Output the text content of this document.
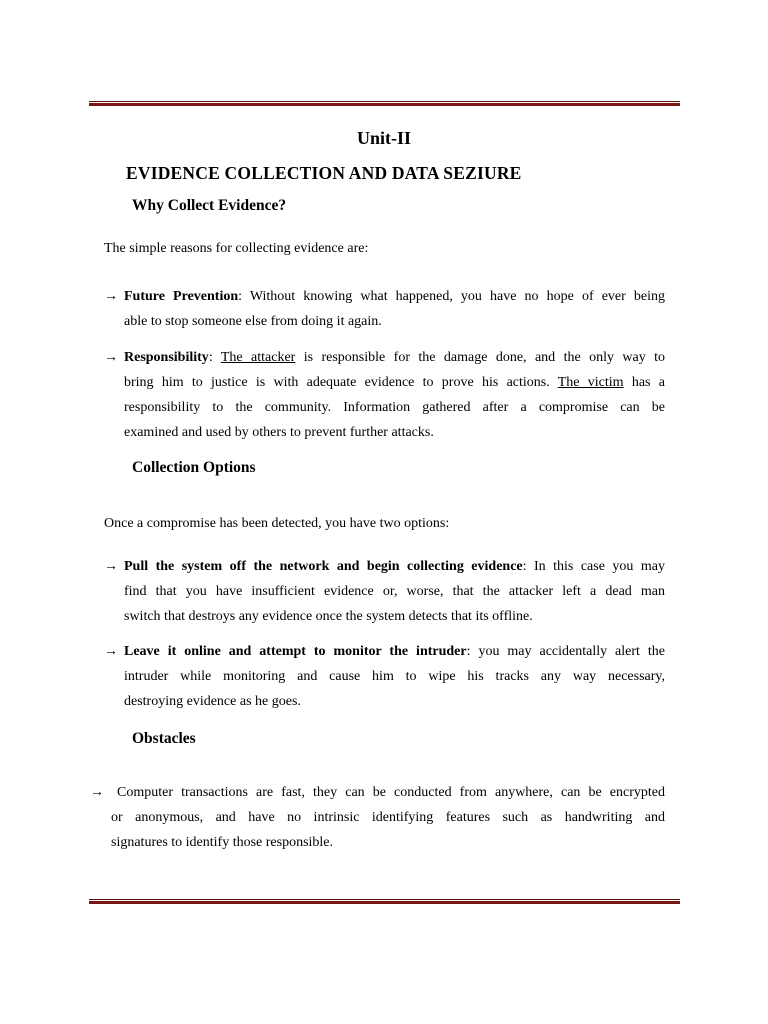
Unit-II
EVIDENCE COLLECTION AND DATA SEZIURE
Why Collect Evidence?
The simple reasons for collecting evidence are:
→ Future Prevention: Without knowing what happened, you have no hope of ever being
able to stop someone else from doing it again.
→ Responsibility: The attacker is responsible for the damage done, and the only way to
bring him to justice is with adequate evidence to prove his actions. The victim has a
responsibility to the community. Information gathered after a compromise can be
examined and used by others to prevent further attacks.
Collection Options
Once a compromise has been detected, you have two options:
→ Pull the system off the network and begin collecting evidence: In this case you may
find that you have insufficient evidence or, worse, that the attacker left a dead man
switch that destroys any evidence once the system detects that its offline.
→ Leave it online and attempt to monitor the intruder: you may accidentally alert the
intruder while monitoring and cause him to wipe his tracks any way necessary,
destroying evidence as he goes.
Obstacles
→ Computer transactions are fast, they can be conducted from anywhere, can be encrypted
or anonymous, and have no intrinsic identifying features such as handwriting and
signatures to identify those responsible.
